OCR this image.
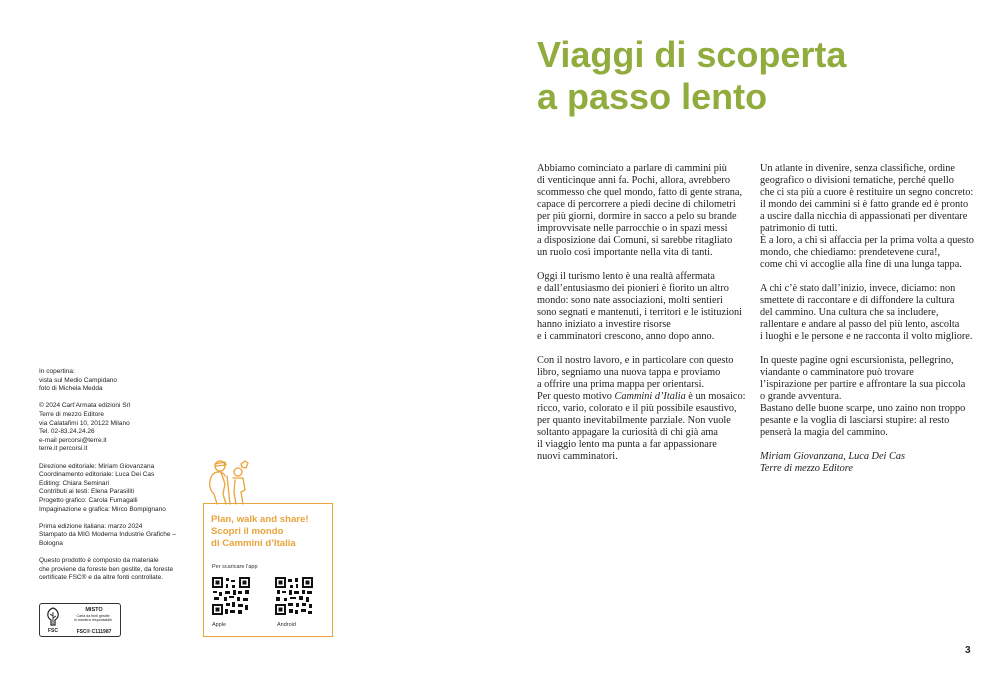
Viaggi di scoperta
a passo lento

Abbiamo cominciato a parlare di cammini più
di venticinque anni fa. Pochi, allora, avrebbero
scommesso che quel mondo, fatto di gente strana,
capace di percorrere a piedi decine di chilometri
per più giorni, dormire in sacco a pelo su brande
improvvisate nelle parrocchie o in spazi messi
a disposizione dai Comuni, si sarebbe ritagliato
un ruolo così importante nella vita di tanti.

Oggi il turismo lento è una realtà affermata
e dall’entusiasmo dei pionieri è fiorito un altro
mondo: sono nate associazioni, molti sentieri
sono segnati e mantenuti, i territori e le istituzioni
hanno iniziato a investire risorse
e i camminatori crescono, anno dopo anno.

Con il nostro lavoro, e in particolare con questo
libro, segniamo una nuova tappa e proviamo
a offrire una prima mappa per orientarsi.
Per questo motivo Cammini d’Italia è un mosaico:
ricco, vario, colorato e il più possibile esaustivo,
per quanto inevitabilmente parziale. Non vuole
soltanto appagare la curiosità di chi già ama
il viaggio lento ma punta a far appassionare
nuovi camminatori.

Un atlante in divenire, senza classifiche, ordine
geografico o divisioni tematiche, perché quello
che ci sta più a cuore è restituire un segno concreto:
il mondo dei cammini si è fatto grande ed è pronto
a uscire dalla nicchia di appassionati per diventare
patrimonio di tutti.
È a loro, a chi si affaccia per la prima volta a questo
mondo, che chiediamo: prendetevene cura!,
come chi vi accoglie alla fine di una lunga tappa.

A chi c’è stato dall’inizio, invece, diciamo: non
smettete di raccontare e di diffondere la cultura
del cammino. Una cultura che sa includere,
rallentare e andare al passo del più lento, ascolta
i luoghi e le persone e ne racconta il volto migliore.

In queste pagine ogni escursionista, pellegrino,
viandante o camminatore può trovare
l’ispirazione per partire e affrontare la sua piccola
o grande avventura.
Bastano delle buone scarpe, uno zaino non troppo
pesante e la voglia di lasciarsi stupire: al resto
penserà la magia del cammino.

Miriam Giovanzana, Luca Dei Cas
Terre di mezzo Editore

In copertina:
vista sul Medio Campidano
foto di Michela Medda

© 2024 Cart’Armata edizioni Srl
Terre di mezzo Editore
via Calatafimi 10, 20122 Milano
Tel. 02-83.24.24.26
e-mail percorsi@terre.it
terre.it percorsi.it

Direzione editoriale: Miriam Giovanzana
Coordinamento editoriale: Luca Dei Cas
Editing: Chiara Seminari
Contributi ai testi: Elena Parasiliti
Progetto grafico: Carola Fumagalli
Impaginazione e grafica: Mirco Bompignano

Prima edizione italiana: marzo 2024
Stampato da MIG Moderna Industrie Grafiche –
Bologna

Questo prodotto è composto da materiale
che proviene da foreste ben gestite, da foreste
certificate FSC® e da altre fonti controllate.

FSC
MISTO
Carta da fonti gestite
in maniera responsabile
FSC® C111987
Plan, walk and share!
Scopri il mondo
di Cammini d’Italia
Per scaricare l’app
Apple	Android
3
